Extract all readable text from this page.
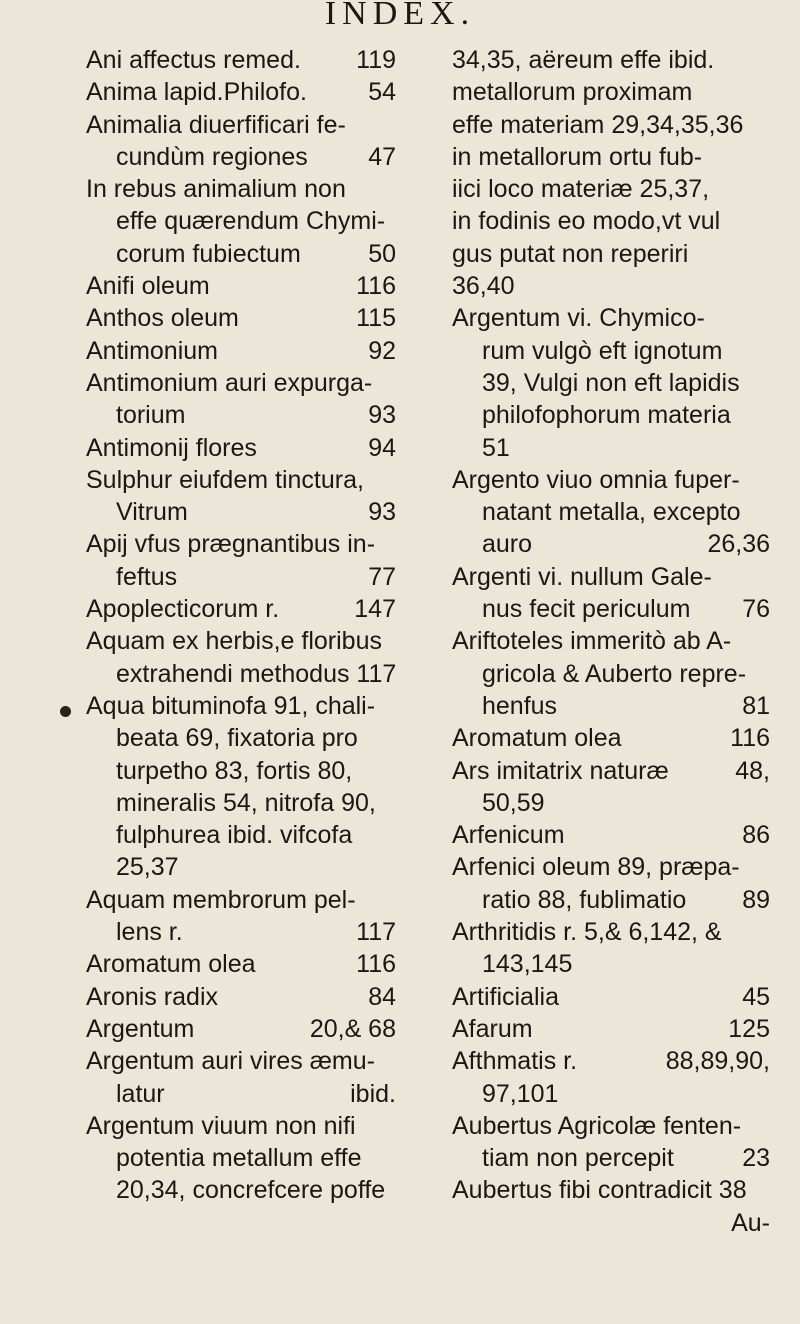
INDEX.
Ani affectus remed. 119
Anima lapid.Philofo. 54
Animalia diuerfificari fe-
cundùm regiones 47
In rebus animalium non
effe quærendum Chymi-
corum fubiectum	50
Anifi oleum	116
Anthos oleum	115
Antimonium	92
Antimonium auri expurga-
torium	93
Antimonij flores	94
Sulphur eiufdem tinctura,
Vitrum	93
Apij vfus prægnantibus in-
feftus	77
Apoplecticorum r.	147
Aquam ex herbis,e floribus
extrahendi methodus 117
Aqua bituminofa 91, chali-
beata 69, fixatoria pro
turpetho 83, fortis 80,
mineralis 54, nitrofa 90,
fulphurea ibid. vifcofa
25,37
Aquam membrorum pel-
lens r.	117
Aromatum olea	116
Aronis radix	84
Argentum	20,& 68
Argentum auri vires æmu-
latur	ibid.
Argentum viuum non nifi
potentia metallum effe
20,34, concrefcere poffe
34,35, aëreum effe ibid.
metallorum proximam
effe materiam 29,34,35,36
in metallorum ortu fub-
iici loco materiæ 25,37,
in fodinis eo modo,vt vul
gus putat non reperiri
36,40
Argentum vi. Chymico-
rum vulgò eft ignotum
39, Vulgi non eft lapidis
philofophorum materia
51
Argento viuo omnia fuper-
natant metalla, excepto
auro	26,36
Argenti vi. nullum Gale-
nus fecit periculum 76
Ariftoteles immeritò ab A-
gricola & Auberto repre-
henfus	81
Aromatum olea	116
Ars imitatrix naturæ	48,
50,59
Arfenicum	86
Arfenici oleum 89, præpa-
ratio 88, fublimatio 89
Arthritidis r. 5,& 6,142, &
143,145
Artificialia	45
Afarum	125
Afthmatis r.	88,89,90,
97,101
Aubertus Agricolæ fenten-
tiam non percepit	23
Aubertus fibi contradicit 38
Au-
